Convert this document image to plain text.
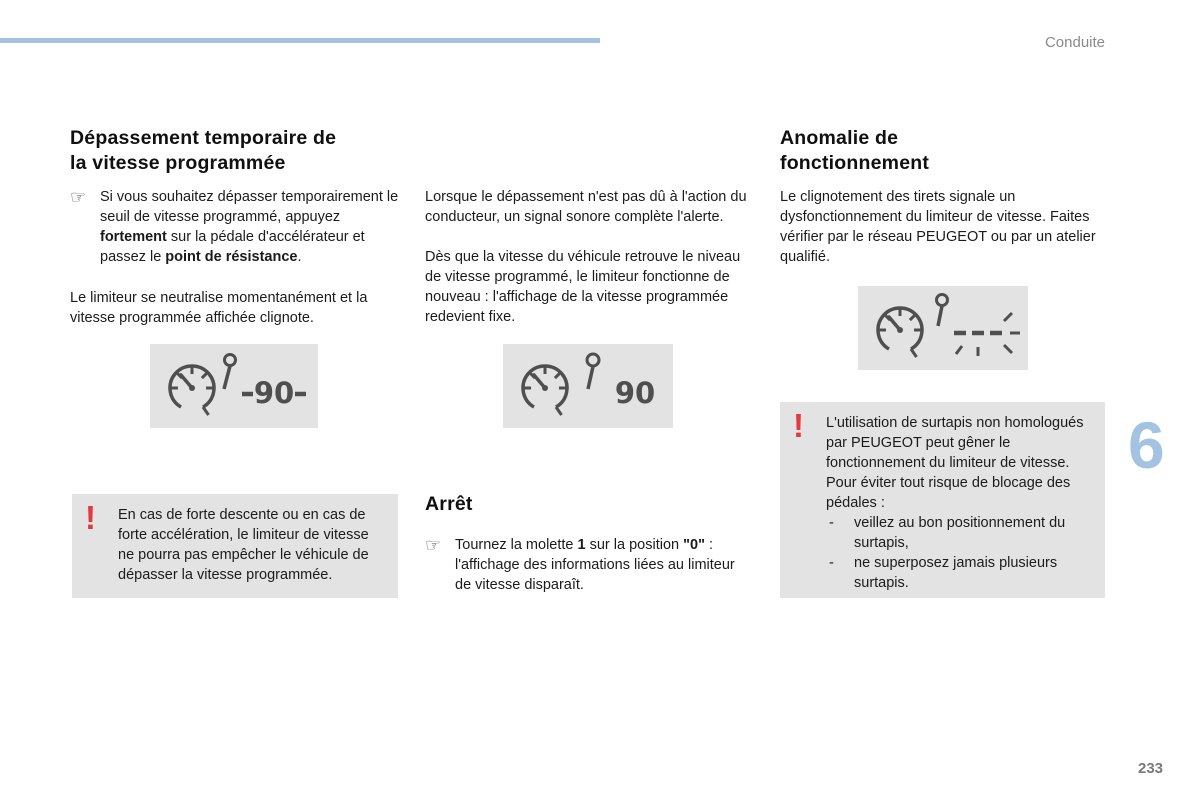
Conduite
Dépassement temporaire de
la vitesse programmée
☞ Si vous souhaitez dépasser temporairement le seuil de vitesse programmé, appuyez fortement sur la pédale d'accélérateur et passez le point de résistance.

Le limiteur se neutralise momentanément et la vitesse programmée affichée clignote.

90
!	En cas de forte descente ou en cas de forte accélération, le limiteur de vitesse ne pourra pas empêcher le véhicule de dépasser la vitesse programmée.

Lorsque le dépassement n'est pas dû à l'action du conducteur, un signal sonore complète l'alerte.

Dès que la vitesse du véhicule retrouve le niveau de vitesse programmé, le limiteur fonctionne de nouveau : l'affichage de la vitesse programmée redevient fixe.

90
Arrêt
☞ Tournez la molette 1 sur la position "0" : l'affichage des informations liées au limiteur de vitesse disparaît.

Anomalie de
fonctionnement

Le clignotement des tirets signale un dysfonctionnement du limiteur de vitesse. Faites vérifier par le réseau PEUGEOT ou par un atelier qualifié.

! L'utilisation de surtapis non homologués par PEUGEOT peut gêner le fonctionnement du limiteur de vitesse. Pour éviter tout risque de blocage des pédales :

-	veillez au bon positionnement du surtapis,
-	ne superposez jamais plusieurs surtapis.
6
233
